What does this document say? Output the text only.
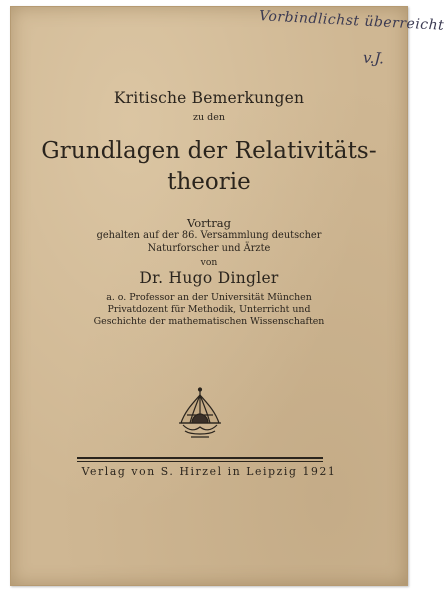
Vorbindlichst überreicht
v.J.
Kritische Bemerkungen
zu den
Grundlagen der Relativitäts-
theorie
Vortrag
gehalten auf der 86. Versammlung deutscher
Naturforscher und Ärzte
von
Dr. Hugo Dingler
a. o. Professor an der Universität München
Privatdozent für Methodik, Unterricht und
Geschichte der mathematischen Wissenschaften
Verlag von S. Hirzel in Leipzig 1921
